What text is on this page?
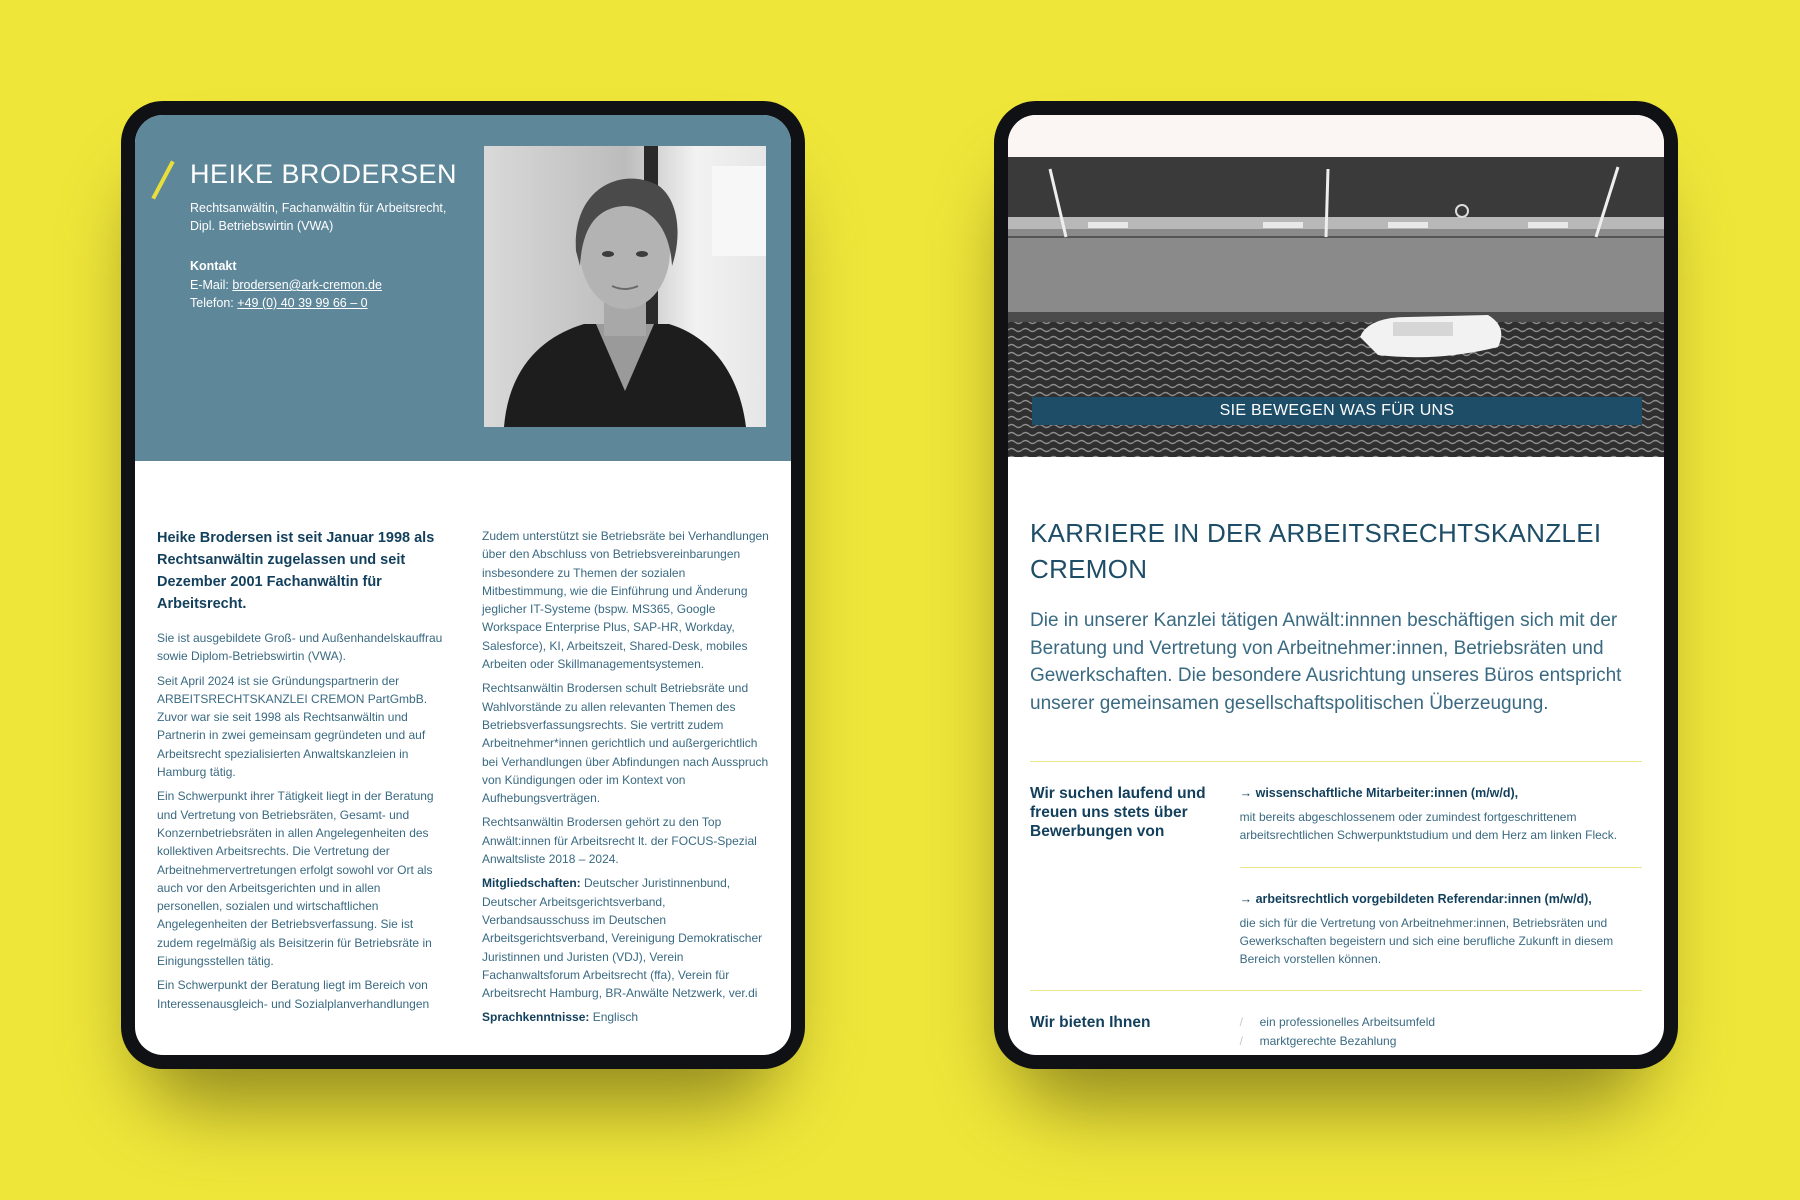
HEIKE BRODERSEN
Rechtsanwältin, Fachanwältin für Arbeitsrecht, Dipl. Betriebswirtin (VWA)
Kontakt
E-Mail: brodersen@ark-cremon.de
Telefon: +49 (0) 40 39 99 66 – 0
Heike Brodersen ist seit Januar 1998 als Rechtsanwältin zugelassen und seit Dezember 2001 Fachanwältin für Arbeitsrecht.

Sie ist ausgebildete Groß- und Außenhandelskauffrau sowie Diplom-Betriebswirtin (VWA).

Seit April 2024 ist sie Gründungspartnerin der ARBEITSRECHTSKANZLEI CREMON PartGmbB. Zuvor war sie seit 1998 als Rechtsanwältin und Partnerin in zwei gemeinsam gegründeten und auf Arbeitsrecht spezialisierten Anwaltskanzleien in Hamburg tätig.

Ein Schwerpunkt ihrer Tätigkeit liegt in der Beratung und Vertretung von Betriebsräten, Gesamt- und Konzernbetriebsräten in allen Angelegenheiten des kollektiven Arbeitsrechts. Die Vertretung der Arbeitnehmervertretungen erfolgt sowohl vor Ort als auch vor den Arbeitsgerichten und in allen personellen, sozialen und wirtschaftlichen Angelegenheiten der Betriebsverfassung. Sie ist zudem regelmäßig als Beisitzerin für Betriebsräte in Einigungsstellen tätig.

Ein Schwerpunkt der Beratung liegt im Bereich von Interessenausgleich- und Sozialplanverhandlungen

Zudem unterstützt sie Betriebsräte bei Verhandlungen über den Abschluss von Betriebsvereinbarungen insbesondere zu Themen der sozialen Mitbestimmung, wie die Einführung und Änderung jeglicher IT-Systeme (bspw. MS365, Google Workspace Enterprise Plus, SAP-HR, Workday, Salesforce), KI, Arbeitszeit, Shared-Desk, mobiles Arbeiten oder Skillmanagementsystemen.

Rechtsanwältin Brodersen schult Betriebsräte und Wahlvorstände zu allen relevanten Themen des Betriebsverfassungsrechts. Sie vertritt zudem Arbeitnehmer*innen gerichtlich und außergerichtlich bei Verhandlungen über Abfindungen nach Ausspruch von Kündigungen oder im Kontext von Aufhebungsverträgen.

Rechtsanwältin Brodersen gehört zu den Top Anwält:innen für Arbeitsrecht lt. der FOCUS-Spezial Anwaltsliste 2018 – 2024.

Mitgliedschaften: Deutscher Juristinnenbund, Deutscher Arbeitsgerichtsverband, Verbandsausschuss im Deutschen Arbeitsgerichtsverband, Vereinigung Demokratischer Juristinnen und Juristen (VDJ), Verein Fachanwaltsforum Arbeitsrecht (ffa), Verein für Arbeitsrecht Hamburg, BR-Anwälte Netzwerk, ver.di

Sprachkenntnisse: Englisch

SIE BEWEGEN WAS FÜR UNS
KARRIERE IN DER ARBEITSRECHTSKANZLEI CREMON
Die in unserer Kanzlei tätigen Anwält:innnen beschäftigen sich mit der Beratung und Vertretung von Arbeitnehmer:innen, Betriebsräten und Gewerkschaften. Die besondere Ausrichtung unseres Büros entspricht unserer gemeinsamen gesellschaftspolitischen Überzeugung.
Wir suchen laufend und freuen uns stets über Bewerbungen von
→ wissenschaftliche Mitarbeiter:innen (m/w/d),
mit bereits abgeschlossenem oder zumindest fortgeschrittenem arbeitsrechtlichen Schwerpunktstudium und dem Herz am linken Fleck.
→ arbeitsrechtlich vorgebildeten Referendar:innen (m/w/d),
die sich für die Vertretung von Arbeitnehmer:innen, Betriebsräten und Gewerkschaften begeistern und sich eine berufliche Zukunft in diesem Bereich vorstellen können.
Wir bieten Ihnen	/	ein professionelles Arbeitsumfeld
/	marktgerechte Bezahlung
